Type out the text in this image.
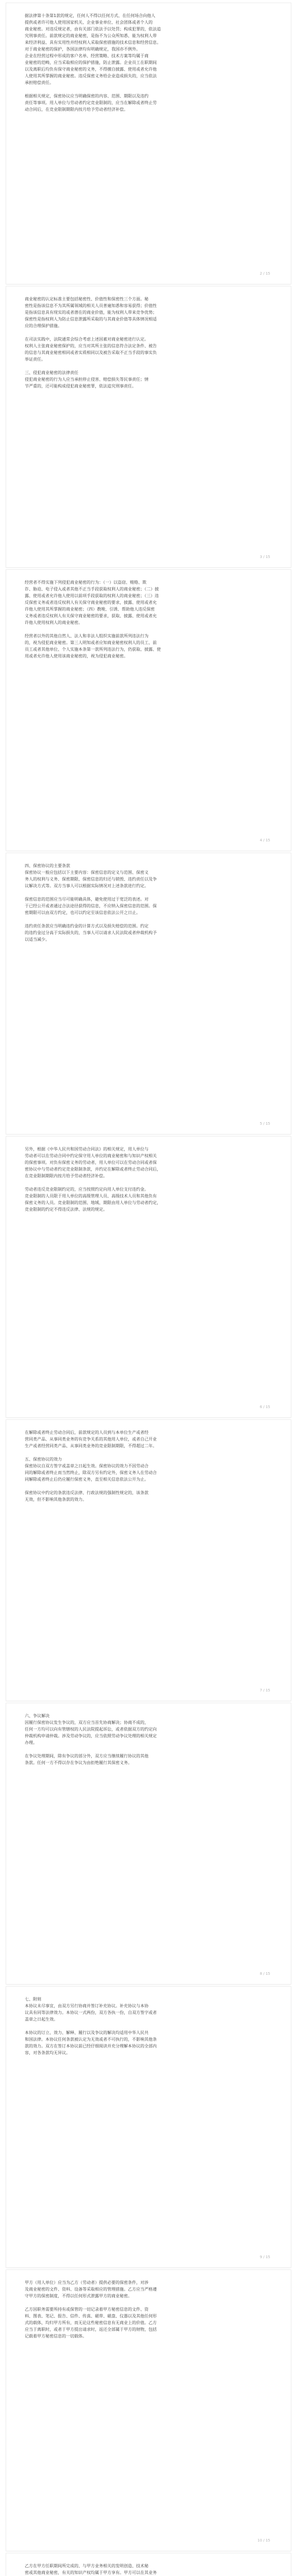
据法律第十条第1款的规定，任何人不得以任何方式、在任何场合向他人
提供或者许可他人使用国家机关、企业事业单位、社会团体或者个人的
商业秘密。对违反规定者，由有关部门依法予以处罚；构成犯罪的，依法追
究刑事责任。前款规定的商业秘密，是指不为公众所知悉、能为权利人带
来经济利益、具有实用性并经权利人采取保密措施的技术信息和经营信息。
对于商业秘密的保护，各国法律均有明确规定，我国亦不例外。
企业在经营过程中形成的客户名单、经营策略、技术方案等均属于商
业秘密的范畴，应当采取相应的保护措施，防止泄露。企业员工在职期间
以及离职后均负有保守商业秘密的义务，不得擅自披露、使用或者允许他
人使用其所掌握的商业秘密。违反保密义务给企业造成损失的，应当依法
承担赔偿责任。
根据相关规定，保密协议应当明确保密的内容、范围、期限以及违约
责任等事项。用人单位与劳动者约定竞业限制的，应当在解除或者终止劳
动合同后，在竞业限制期限内按月给予劳动者经济补偿。
2 / 15
商业秘密的认定标准主要包括秘密性、价值性和保密性三个方面。秘
密性是指该信息不为其所属领域的相关人员普遍知悉和容易获得；价值性
是指该信息具有现实的或者潜在的商业价值，能为权利人带来竞争优势；
保密性是指权利人为防止信息泄露所采取的与其商业价值等具体情况相适
应的合理保护措施。
在司法实践中，法院通常会综合考虑上述因素对商业秘密进行认定。
权利人主张商业秘密保护的，应当对其所主张的信息符合法定条件、被告
的信息与其商业秘密相同或者实质相同以及被告采取不正当手段的事实负
举证责任。
三、侵犯商业秘密的法律责任
侵犯商业秘密的行为人应当承担停止侵害、赔偿损失等民事责任；情
节严重的，还可能构成侵犯商业秘密罪，依法追究刑事责任。
3 / 15
经营者不得实施下列侵犯商业秘密的行为：（一）以盗窃、贿赂、欺
诈、胁迫、电子侵入或者其他不正当手段获取权利人的商业秘密；（二）披
露、使用或者允许他人使用以前项手段获取的权利人的商业秘密；（三）违
反保密义务或者违反权利人有关保守商业秘密的要求，披露、使用或者允
许他人使用其所掌握的商业秘密；（四）教唆、引诱、帮助他人违反保密
义务或者违反权利人有关保守商业秘密的要求，获取、披露、使用或者允
许他人使用权利人的商业秘密。
经营者以外的其他自然人、法人和非法人组织实施前款所列违法行为
的，视为侵犯商业秘密。第三人明知或者应知商业秘密权利人的员工、前
员工或者其他单位、个人实施本条第一款所列违法行为，仍获取、披露、使
用或者允许他人使用该商业秘密的，视为侵犯商业秘密。
4 / 15
四、保密协议的主要条款
保密协议一般应包括以下主要内容：保密信息的定义与范围、保密义
务人的权利与义务、保密期限、保密信息的归还与销毁、违约责任以及争
议解决方式等。双方当事人可以根据实际情况对上述条款进行约定。
保密信息的范围应当尽可能明确具体，避免使用过于宽泛的表述。对
于已经公开或者通过合法途径获得的信息，不应纳入保密信息的范围。保
密期限可以由双方约定，也可以约定至该信息依法公开之日止。
违约责任条款应当明确违约金的计算方式以及损失赔偿的范围。约定
的违约金过分高于实际损失的，当事人可以请求人民法院或者仲裁机构予
以适当减少。
5 / 15
另外，根据《中华人民共和国劳动合同法》的相关规定，用人单位与
劳动者可以在劳动合同中约定保守用人单位的商业秘密和与知识产权相关
的保密事项。对负有保密义务的劳动者，用人单位可以在劳动合同或者保
密协议中与劳动者约定竞业限制条款，并约定在解除或者终止劳动合同后，
在竞业限制期限内按月给予劳动者经济补偿。
劳动者违反竞业限制约定的，应当按照约定向用人单位支付违约金。
竞业限制的人员限于用人单位的高级管理人员、高级技术人员和其他负有
保密义务的人员。竞业限制的范围、地域、期限由用人单位与劳动者约定，
竞业限制的约定不得违反法律、法规的规定。
6 / 15
在解除或者终止劳动合同后，前款规定的人员到与本单位生产或者经
营同类产品、从事同类业务的有竞争关系的其他用人单位，或者自己开业
生产或者经营同类产品、从事同类业务的竞业限制期限，不得超过二年。
五、保密协议的效力
保密协议自双方签字或盖章之日起生效。保密协议的效力不因劳动合
同的解除或者终止而当然终止，除双方另有约定外，保密义务人在劳动合
同解除或者终止后仍应履行保密义务，直至相关信息依法公开为止。
保密协议中约定的条款违反法律、行政法规的强制性规定的，该条款
无效，但不影响其他条款的效力。
7 / 15
六、争议解决
因履行保密协议发生争议的，双方应当首先协商解决；协商不成的，
任何一方均可以向有管辖权的人民法院提起诉讼，或者依据双方的约定向
仲裁机构申请仲裁。涉及劳动争议的，应当依照劳动争议处理的相关规定
办理。
在争议处理期间，除有争议的部分外，双方应当继续履行协议的其他
条款。任何一方不得以存在争议为由拒绝履行其保密义务。
8 / 15
七、附则
本协议未尽事宜，由双方另行协商并签订补充协议。补充协议与本协
议具有同等法律效力。本协议一式两份，双方各执一份，自双方签字或者
盖章之日起生效。
本协议的订立、效力、解释、履行以及争议的解决均适用中华人民共
和国法律。本协议任何条款被认定为无效或者不可执行的，不影响其他条
款的效力。双方在签订本协议前已经仔细阅读并充分理解本协议的全部内
容，对各条款均无异议。
9 / 15
甲方（用人单位）应当为乙方（劳动者）提供必要的保密条件，对涉
及商业秘密的文件、资料、设备等采取相应的管理措施。乙方应当严格遵
守甲方的保密制度，不得以任何形式泄露甲方的商业秘密。
乙方因职务需要所持有或保管的一切记录着甲方秘密信息的文件、资
料、图表、笔记、报告、信件、传真、磁带、磁盘、仪器以及其他任何形
式的载体，均归甲方所有，而无论这些秘密信息有无商业上的价值。乙方
应当于离职时，或者于甲方提出请求时，返还全部属于甲方的财物，包括
记载着甲方秘密信息的一切载体。
10 / 15
乙方在甲方任职期间所完成的、与甲方业务相关的发明创造、技术秘
密或其他商业秘密，有关的知识产权均属于甲方享有。甲方可以在其业务
